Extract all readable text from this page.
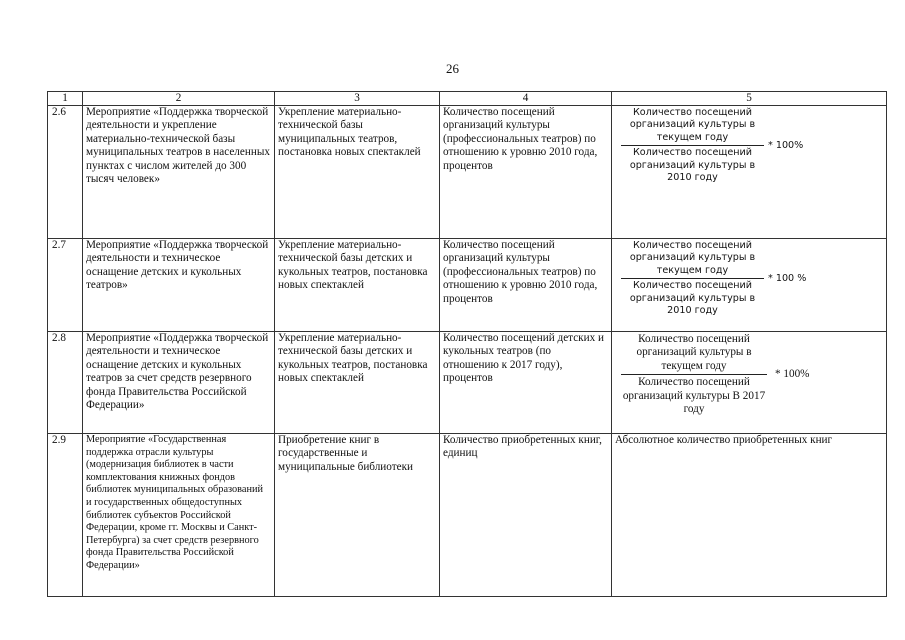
26
1	2	3	4	5
2.6	Мероприятие «Поддержка творческой деятельности и укрепление материально-технической базы муниципальных театров в населенных пунктах с числом жителей до 300 тысяч человек»	Укрепление материально-технической базы муниципальных театров, постановка новых спектаклей	Количество посещений организаций культуры (профессиональных театров) по отношению к уровню 2010 года, процентов	$\frac{\text{Количество посещений организаций культуры в текущем году}}{\text{Количество посещений организаций культуры в 2010 году}} * 100\%$

2.7	Мероприятие «Поддержка творческой деятельности и техническое оснащение детских и кукольных театров»	Укрепление материально-технической базы детских и кукольных театров, постановка новых спектаклей	Количество посещений организаций культуры (профессиональных театров) по отношению к уровню 2010 года, процентов	$\frac{\text{Количество посещений организаций культуры в текущем году}}{\text{Количество посещений организаций культуры в 2010 году}} * 100$ %

2.8	Мероприятие «Поддержка творческой деятельности и техническое оснащение детских и кукольных театров за счет средств резервного фонда Правительства Российской Федерации»	Укрепление материально-технической базы детских и кукольных театров, постановка новых спектаклей	Количество посещений детских и кукольных театров (по отношению к 2017 году), процентов	$\frac{\text{Количество посещений организаций культуры в текущем году}}{\text{Количество посещений организаций культуры В 2017 году}} * 100\%$

2.9	Мероприятие «Государственная поддержка отрасли культуры (модернизация библиотек в части комплектования книжных фондов библиотек муниципальных образований и государственных общедоступных библиотек субъектов Российской Федерации, кроме гг. Москвы и Санкт-Петербурга) за счет средств резервного фонда Правительства Российской Федерации»	Приобретение книг в государственные и муниципальные библиотеки	Количество приобретенных книг, единиц	Абсолютное количество приобретенных книг
